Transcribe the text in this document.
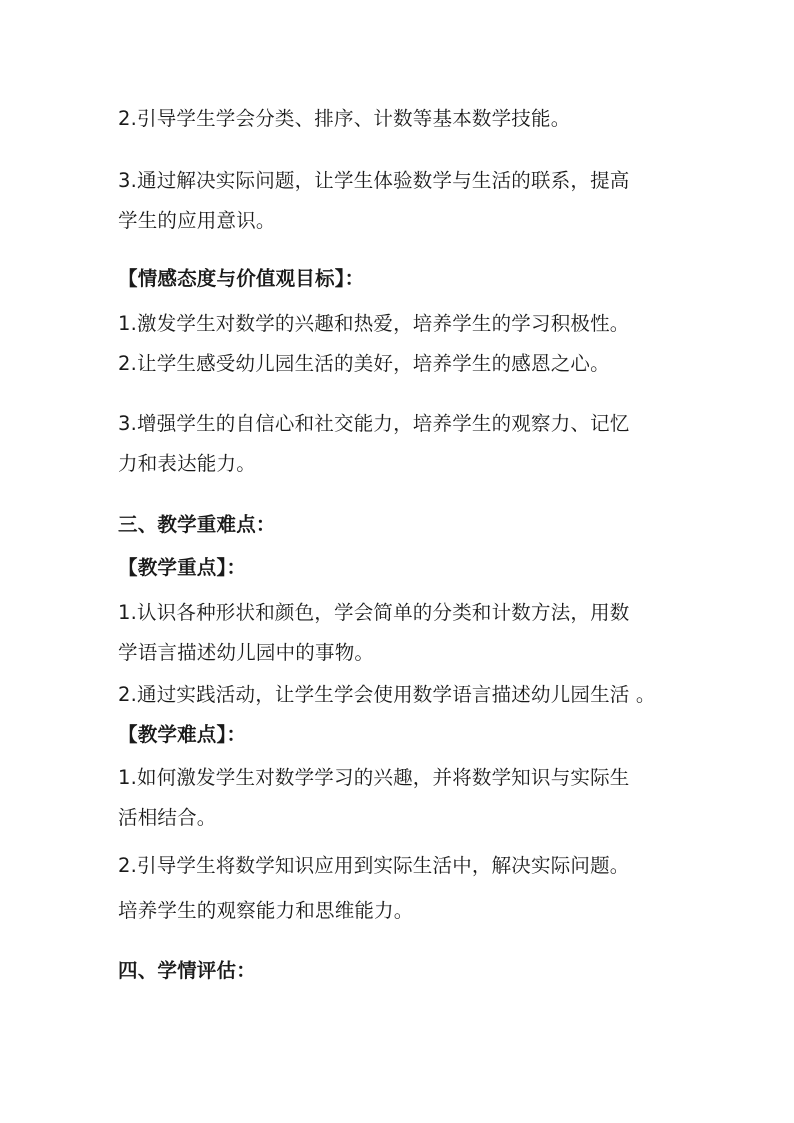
2.引导学生学会分类、排序、计数等基本数学技能。
3.通过解决实际问题，让学生体验数学与生活的联系，提高
学生的应用意识。
【情感态度与价值观目标】：
1.激发学生对数学的兴趣和热爱，培养学生的学习积极性。
2.让学生感受幼儿园生活的美好，培养学生的感恩之心。
3.增强学生的自信心和社交能力，培养学生的观察力、记忆
力和表达能力。
三、教学重难点：
【教学重点】：
1.认识各种形状和颜色，学会简单的分类和计数方法，用数
学语言描述幼儿园中的事物。
2.通过实践活动，让学生学会使用数学语言描述幼儿园生活 。
【教学难点】：
1.如何激发学生对数学学习的兴趣，并将数学知识与实际生
活相结合。
2.引导学生将数学知识应用到实际生活中，解决实际问题。
培养学生的观察能力和思维能力。
四、学情评估：
